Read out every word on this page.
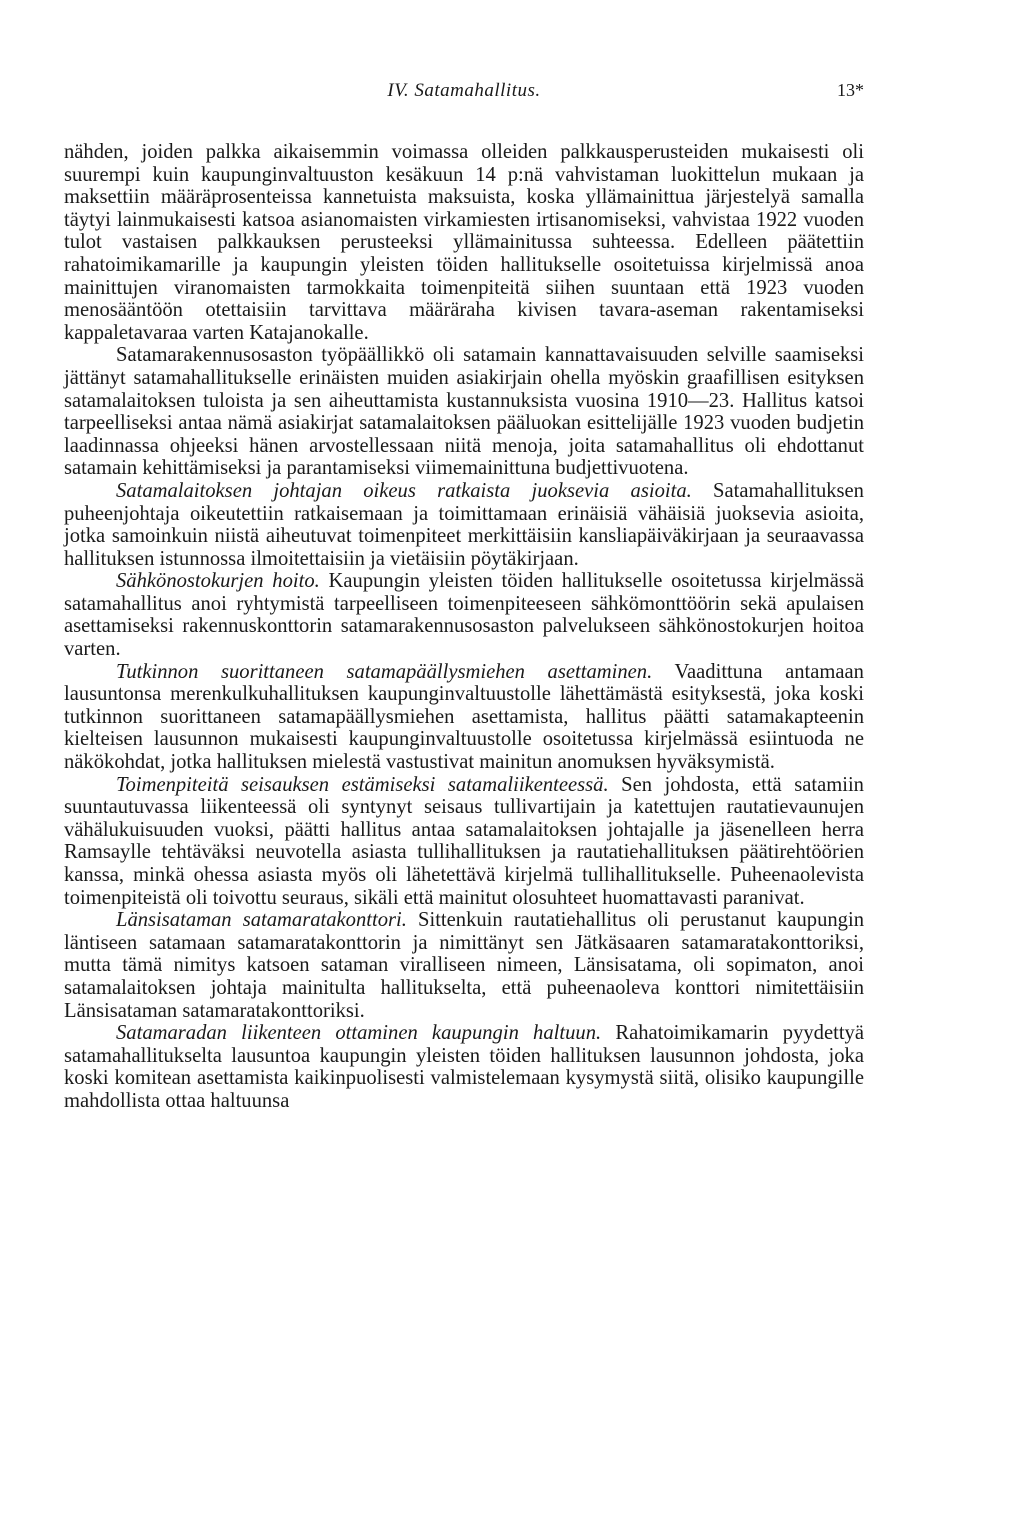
IV. Satamahallitus.	13*

nähden, joiden palkka aikaisemmin voimassa olleiden palkkausperusteiden mukaisesti oli suurempi kuin kaupunginvaltuuston kesäkuun 14 p:nä vahvistaman luokittelun mukaan ja maksettiin määräprosenteissa kannetuista maksuista, koska yllämainittua järjestelyä samalla täytyi lainmukaisesti katsoa asianomaisten virkamiesten irtisanomiseksi, vahvistaa 1922 vuoden tulot vastaisen palkkauksen perusteeksi yllämainitussa suhteessa. Edelleen päätettiin rahatoimikamarille ja kaupungin yleisten töiden hallitukselle osoitetuissa kirjelmissä anoa mainittujen viranomaisten tarmokkaita toimenpiteitä siihen suuntaan että 1923 vuoden menosääntöön otettaisiin tarvittava määräraha kivisen tavara-aseman rakentamiseksi kappaletavaraa varten Katajanokalle.

Satamarakennusosaston työpäällikkö oli satamain kannattavaisuuden selville saamiseksi jättänyt satamahallitukselle erinäisten muiden asiakirjain ohella myöskin graafillisen esityksen satamalaitoksen tuloista ja sen aiheuttamista kustannuksista vuosina 1910—23. Hallitus katsoi tarpeelliseksi antaa nämä asiakirjat satamalaitoksen pääluokan esittelijälle 1923 vuoden budjetin laadinnassa ohjeeksi hänen arvostellessaan niitä menoja, joita satamahallitus oli ehdottanut satamain kehittämiseksi ja parantamiseksi viimemainittuna budjettivuotena.

Satamalaitoksen johtajan oikeus ratkaista juoksevia asioita. Satamahallituksen puheenjohtaja oikeutettiin ratkaisemaan ja toimittamaan erinäisiä vähäisiä juoksevia asioita, jotka samoinkuin niistä aiheutuvat toimenpiteet merkittäisiin kansliapäiväkirjaan ja seuraavassa hallituksen istunnossa ilmoitettaisiin ja vietäisiin pöytäkirjaan.

Sähkönostokurjen hoito. Kaupungin yleisten töiden hallitukselle osoitetussa kirjelmässä satamahallitus anoi ryhtymistä tarpeelliseen toimenpiteeseen sähkömonttöörin sekä apulaisen asettamiseksi rakennuskonttorin satamarakennusosaston palvelukseen sähkönostokurjen hoitoa varten.

Tutkinnon suorittaneen satamapäällysmiehen asettaminen. Vaadittuna antamaan lausuntonsa merenkulkuhallituksen kaupunginvaltuustolle lähettämästä esityksestä, joka koski tutkinnon suorittaneen satamapäällysmiehen asettamista, hallitus päätti satamakapteenin kielteisen lausunnon mukaisesti kaupunginvaltuustolle osoitetussa kirjelmässä esiintuoda ne näkökohdat, jotka hallituksen mielestä vastustivat mainitun anomuksen hyväksymistä.

Toimenpiteitä seisauksen estämiseksi satamaliikenteessä. Sen johdosta, että satamiin suuntautuvassa liikenteessä oli syntynyt seisaus tullivartijain ja katettujen rautatievaunujen vähälukuisuuden vuoksi, päätti hallitus antaa satamalaitoksen johtajalle ja jäsenelleen herra Ramsaylle tehtäväksi neuvotella asiasta tullihallituksen ja rautatiehallituksen päätirehtöörien kanssa, minkä ohessa asiasta myös oli lähetettävä kirjelmä tullihallitukselle. Puheenaolevista toimenpiteistä oli toivottu seuraus, sikäli että mainitut olosuhteet huomattavasti paranivat.

Länsisataman satamaratakonttori. Sittenkuin rautatiehallitus oli perustanut kaupungin läntiseen satamaan satamaratakonttorin ja nimittänyt sen Jätkäsaaren satamaratakonttoriksi, mutta tämä nimitys katsoen sataman viralliseen nimeen, Länsisatama, oli sopimaton, anoi satamalaitoksen johtaja mainitulta hallitukselta, että puheenaoleva konttori nimitettäisiin Länsisataman satamaratakonttoriksi.

Satamaradan liikenteen ottaminen kaupungin haltuun. Rahatoimikamarin pyydettyä satamahallitukselta lausuntoa kaupungin yleisten töiden hallituksen lausunnon johdosta, joka koski komitean asettamista kaikinpuolisesti valmistelemaan kysymystä siitä, olisiko kaupungille mahdollista ottaa haltuunsa
